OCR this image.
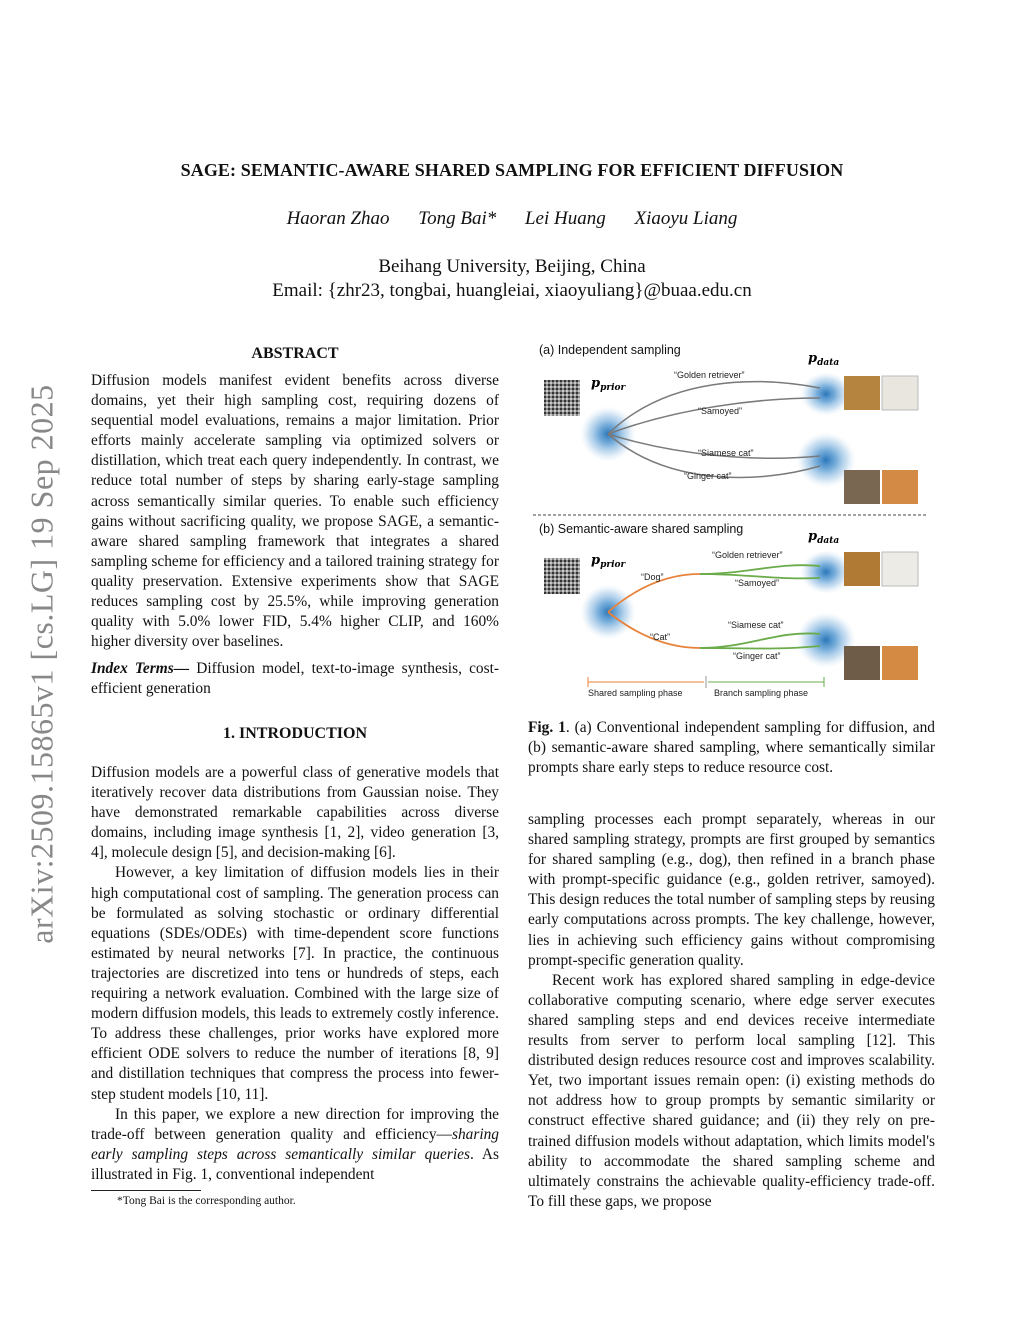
SAGE: SEMANTIC-AWARE SHARED SAMPLING FOR EFFICIENT DIFFUSION
Haoran Zhao Tong Bai* Lei Huang Xiaoyu Liang
Beihang University, Beijing, China
Email: {zhr23, tongbai, huangleiai, xiaoyuliang}@buaa.edu.cn
arXiv:2509.15865v1 [cs.LG] 19 Sep 2025
ABSTRACT
Diffusion models manifest evident benefits across diverse domains, yet their high sampling cost, requiring dozens of sequential model evaluations, remains a major limitation. Prior efforts mainly accelerate sampling via optimized solvers or distillation, which treat each query independently. In contrast, we reduce total number of steps by sharing early-stage sampling across semantically similar queries. To enable such efficiency gains without sacrificing quality, we propose SAGE, a semantic-aware shared sampling framework that integrates a shared sampling scheme for efficiency and a tailored training strategy for quality preservation. Extensive experiments show that SAGE reduces sampling cost by 25.5%, while improving generation quality with 5.0% lower FID, 5.4% higher CLIP, and 160% higher diversity over baselines.
Index Terms— Diffusion model, text-to-image synthesis, cost-efficient generation
1. INTRODUCTION
Diffusion models are a powerful class of generative models that iteratively recover data distributions from Gaussian noise. They have demonstrated remarkable capabilities across diverse domains, including image synthesis [1, 2], video generation [3, 4], molecule design [5], and decision-making [6].
However, a key limitation of diffusion models lies in their high computational cost of sampling. The generation process can be formulated as solving stochastic or ordinary differential equations (SDEs/ODEs) with time-dependent score functions estimated by neural networks [7]. In practice, the continuous trajectories are discretized into tens or hundreds of steps, each requiring a network evaluation. Combined with the large size of modern diffusion models, this leads to extremely costly inference. To address these challenges, prior works have explored more efficient ODE solvers to reduce the number of iterations [8, 9] and distillation techniques that compress the process into fewer-step student models [10, 11].
In this paper, we explore a new direction for improving the trade-off between generation quality and efficiency—sharing early sampling steps across semantically similar queries. As illustrated in Fig. 1, conventional independent
*Tong Bai is the corresponding author.
(a) Independent sampling
$p_{data}$
$p_{prior}$
“Golden retriever”
“Samoyed”
“Siamese cat”
“Ginger cat”
(b) Semantic-aware shared sampling	$p_{data}$
$p_{prior}$
“Dog”
“Cat”
“Golden retriever”
“Samoyed”
“Siamese cat”
“Ginger cat”
Shared sampling phase	Branch sampling phase
Fig. 1. (a) Conventional independent sampling for diffusion, and (b) semantic-aware shared sampling, where semantically similar prompts share early steps to reduce resource cost.
sampling processes each prompt separately, whereas in our shared sampling strategy, prompts are first grouped by semantics for shared sampling (e.g., dog), then refined in a branch phase with prompt-specific guidance (e.g., golden retriver, samoyed). This design reduces the total number of sampling steps by reusing early computations across prompts. The key challenge, however, lies in achieving such efficiency gains without compromising prompt-specific generation quality.
Recent work has explored shared sampling in edge-device collaborative computing scenario, where edge server executes shared sampling steps and end devices receive intermediate results from server to perform local sampling [12]. This distributed design reduces resource cost and improves scalability. Yet, two important issues remain open: (i) existing methods do not address how to group prompts by semantic similarity or construct effective shared guidance; and (ii) they rely on pre-trained diffusion models without adaptation, which limits model's ability to accommodate the shared sampling scheme and ultimately constrains the achievable quality-efficiency trade-off. To fill these gaps, we propose
